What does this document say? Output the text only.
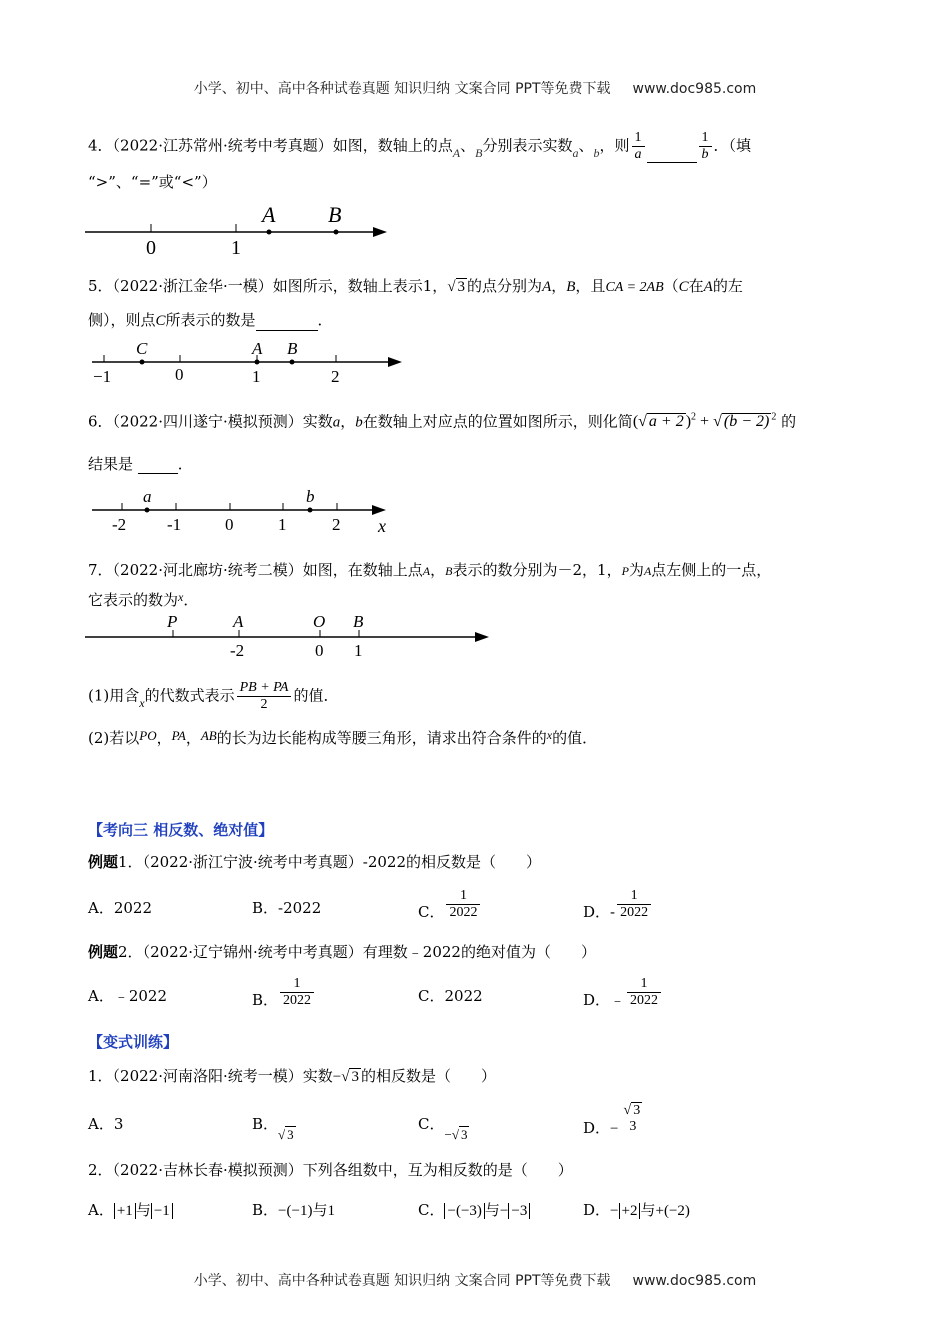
小学、初中、高中各种试卷真题 知识归纳 文案合同 PPT等免费下载 www.doc985.com
4．（2022·江苏常州·统考中考真题）如图，数轴上的点$_A$、$_B$分别表示实数$_a$、$_b$，则 $\frac{1}{a}$	$\frac{1}{b}$ ．（填
“>”、“=”或“<”）
0	1
A B
5．（2022·浙江金华·一模）如图所示，数轴上表示1，√ 3 的点分别为A，B，且CA = 2AB（C在A的左
侧），则点C所表示的数是	．
−1	0	1	2
C	A B
6．（2022·四川遂宁·模拟预测）实数a，b在数轴上对应点的位置如图所示，则化简(√ a + 2 )$^2$ + √ (b − 2) $^2$ 的
结果是	．
-2 -1	0	1	2 x
a	b
7．（2022·河北廊坊·统考二模）如图，在数轴上点A，B表示的数分别为－2，1，P为A点左侧上的一点，
它表示的数为$^x$．
P	A	O B
-2	0 1
(1)用含$_x$的代数式表示 $\frac{PB + PA}{2}$ 的值．
(2)若以PO，PA，AB的长为边长能构成等腰三角形，请求出符合条件的$^x$的值．
【考向三 相反数、绝对值】
例题1．（2022·浙江宁波·统考中考真题）-2022的相反数是（　　）
A．2022	B．-2022	C． $\frac{1}{2022}$	D．- $\frac{1}{2022}$
例题2．（2022·辽宁锦州·统考中考真题）有理数﹣2022的绝对值为（　　）
A．﹣2022	B． $\frac{1}{2022}$	C．2022	D．﹣ $\frac{1}{2022}$
【变式训练】
1．（2022·河南洛阳·统考一模）实数−√ 3 的相反数是（　　）
A．3	B．√ 3
C．−√ 3	D．−
√ 3
3
2．（2022·吉林长春·模拟预测）下列各组数中，互为相反数的是（　　）
A． +1 与 −1	B．−(−1)与1	C． −(−3) 与− −3	D．− +2 与+(−2)
小学、初中、高中各种试卷真题 知识归纳 文案合同 PPT等免费下载 www.doc985.com
